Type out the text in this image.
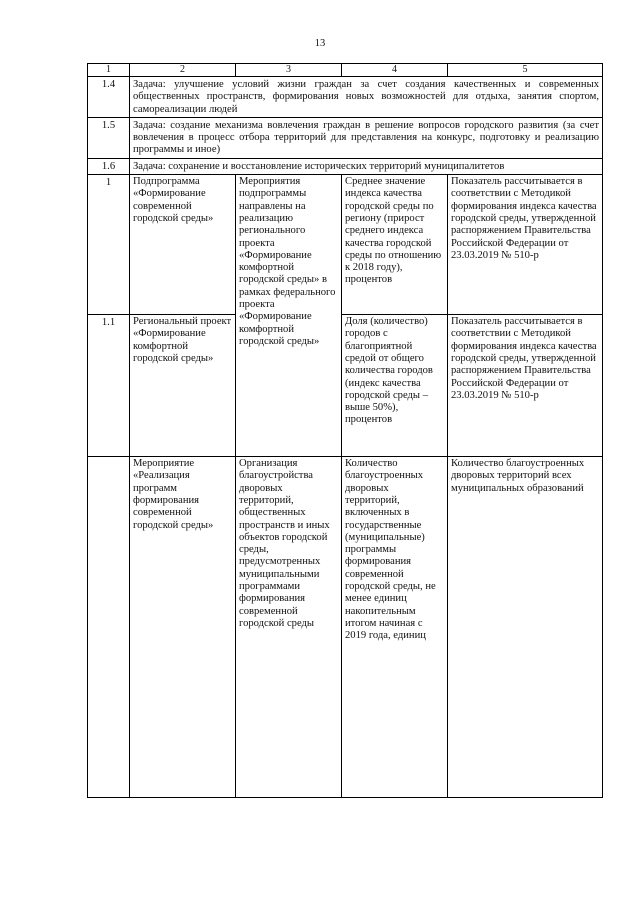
13
1	2	3	4	5
1.4	Задача: улучшение условий жизни граждан за счет создания качественных и современных общественных пространств, формирования новых возможностей для отдыха, занятия спортом, самореализации людей			
1.5	Задача: создание механизма вовлечения граждан в решение вопросов городского развития (за счет вовлечения в процесс отбора территорий для представления на конкурс, подготовку и реализацию программы и иное)			
1.6	Задача: сохранение и восстановление исторических территорий муниципалитетов			
1	Подпрограмма «Формирование современной городской среды»	Мероприятия подпрограммы направлены на реализацию регионального проекта «Формирование комфортной городской среды» в рамках федерального проекта «Формирование комфортной городской среды»	Среднее значение индекса качества городской среды по региону (прирост среднего индекса качества городской среды по отношению к 2018 году), процентов	Показатель рассчитывается в соответствии с Методикой формирования индекса качества городской среды, утвержденной распоряжением Правительства Российской Федерации от 23.03.2019 № 510-р
1.1	Региональный проект «Формирование комфортной городской среды»		Доля (количество) городов с благоприятной средой от общего количества городов (индекс качества городской среды – выше 50%), процентов	Показатель рассчитывается в соответствии с Методикой формирования индекса качества городской среды, утвержденной распоряжением Правительства Российской Федерации от 23.03.2019 № 510-р
	Мероприятие «Реализация программ формирования современной городской среды»	Организация благоустройства дворовых территорий, общественных пространств и иных объектов городской среды, предусмотренных муниципальными программами формирования современной городской среды	Количество благоустроенных дворовых территорий, включенных в государственные (муниципальные) программы формирования современной городской среды, не менее единиц накопительным итогом начиная с 2019 года, единиц	Количество благоустроенных дворовых территорий всех муниципальных образований
